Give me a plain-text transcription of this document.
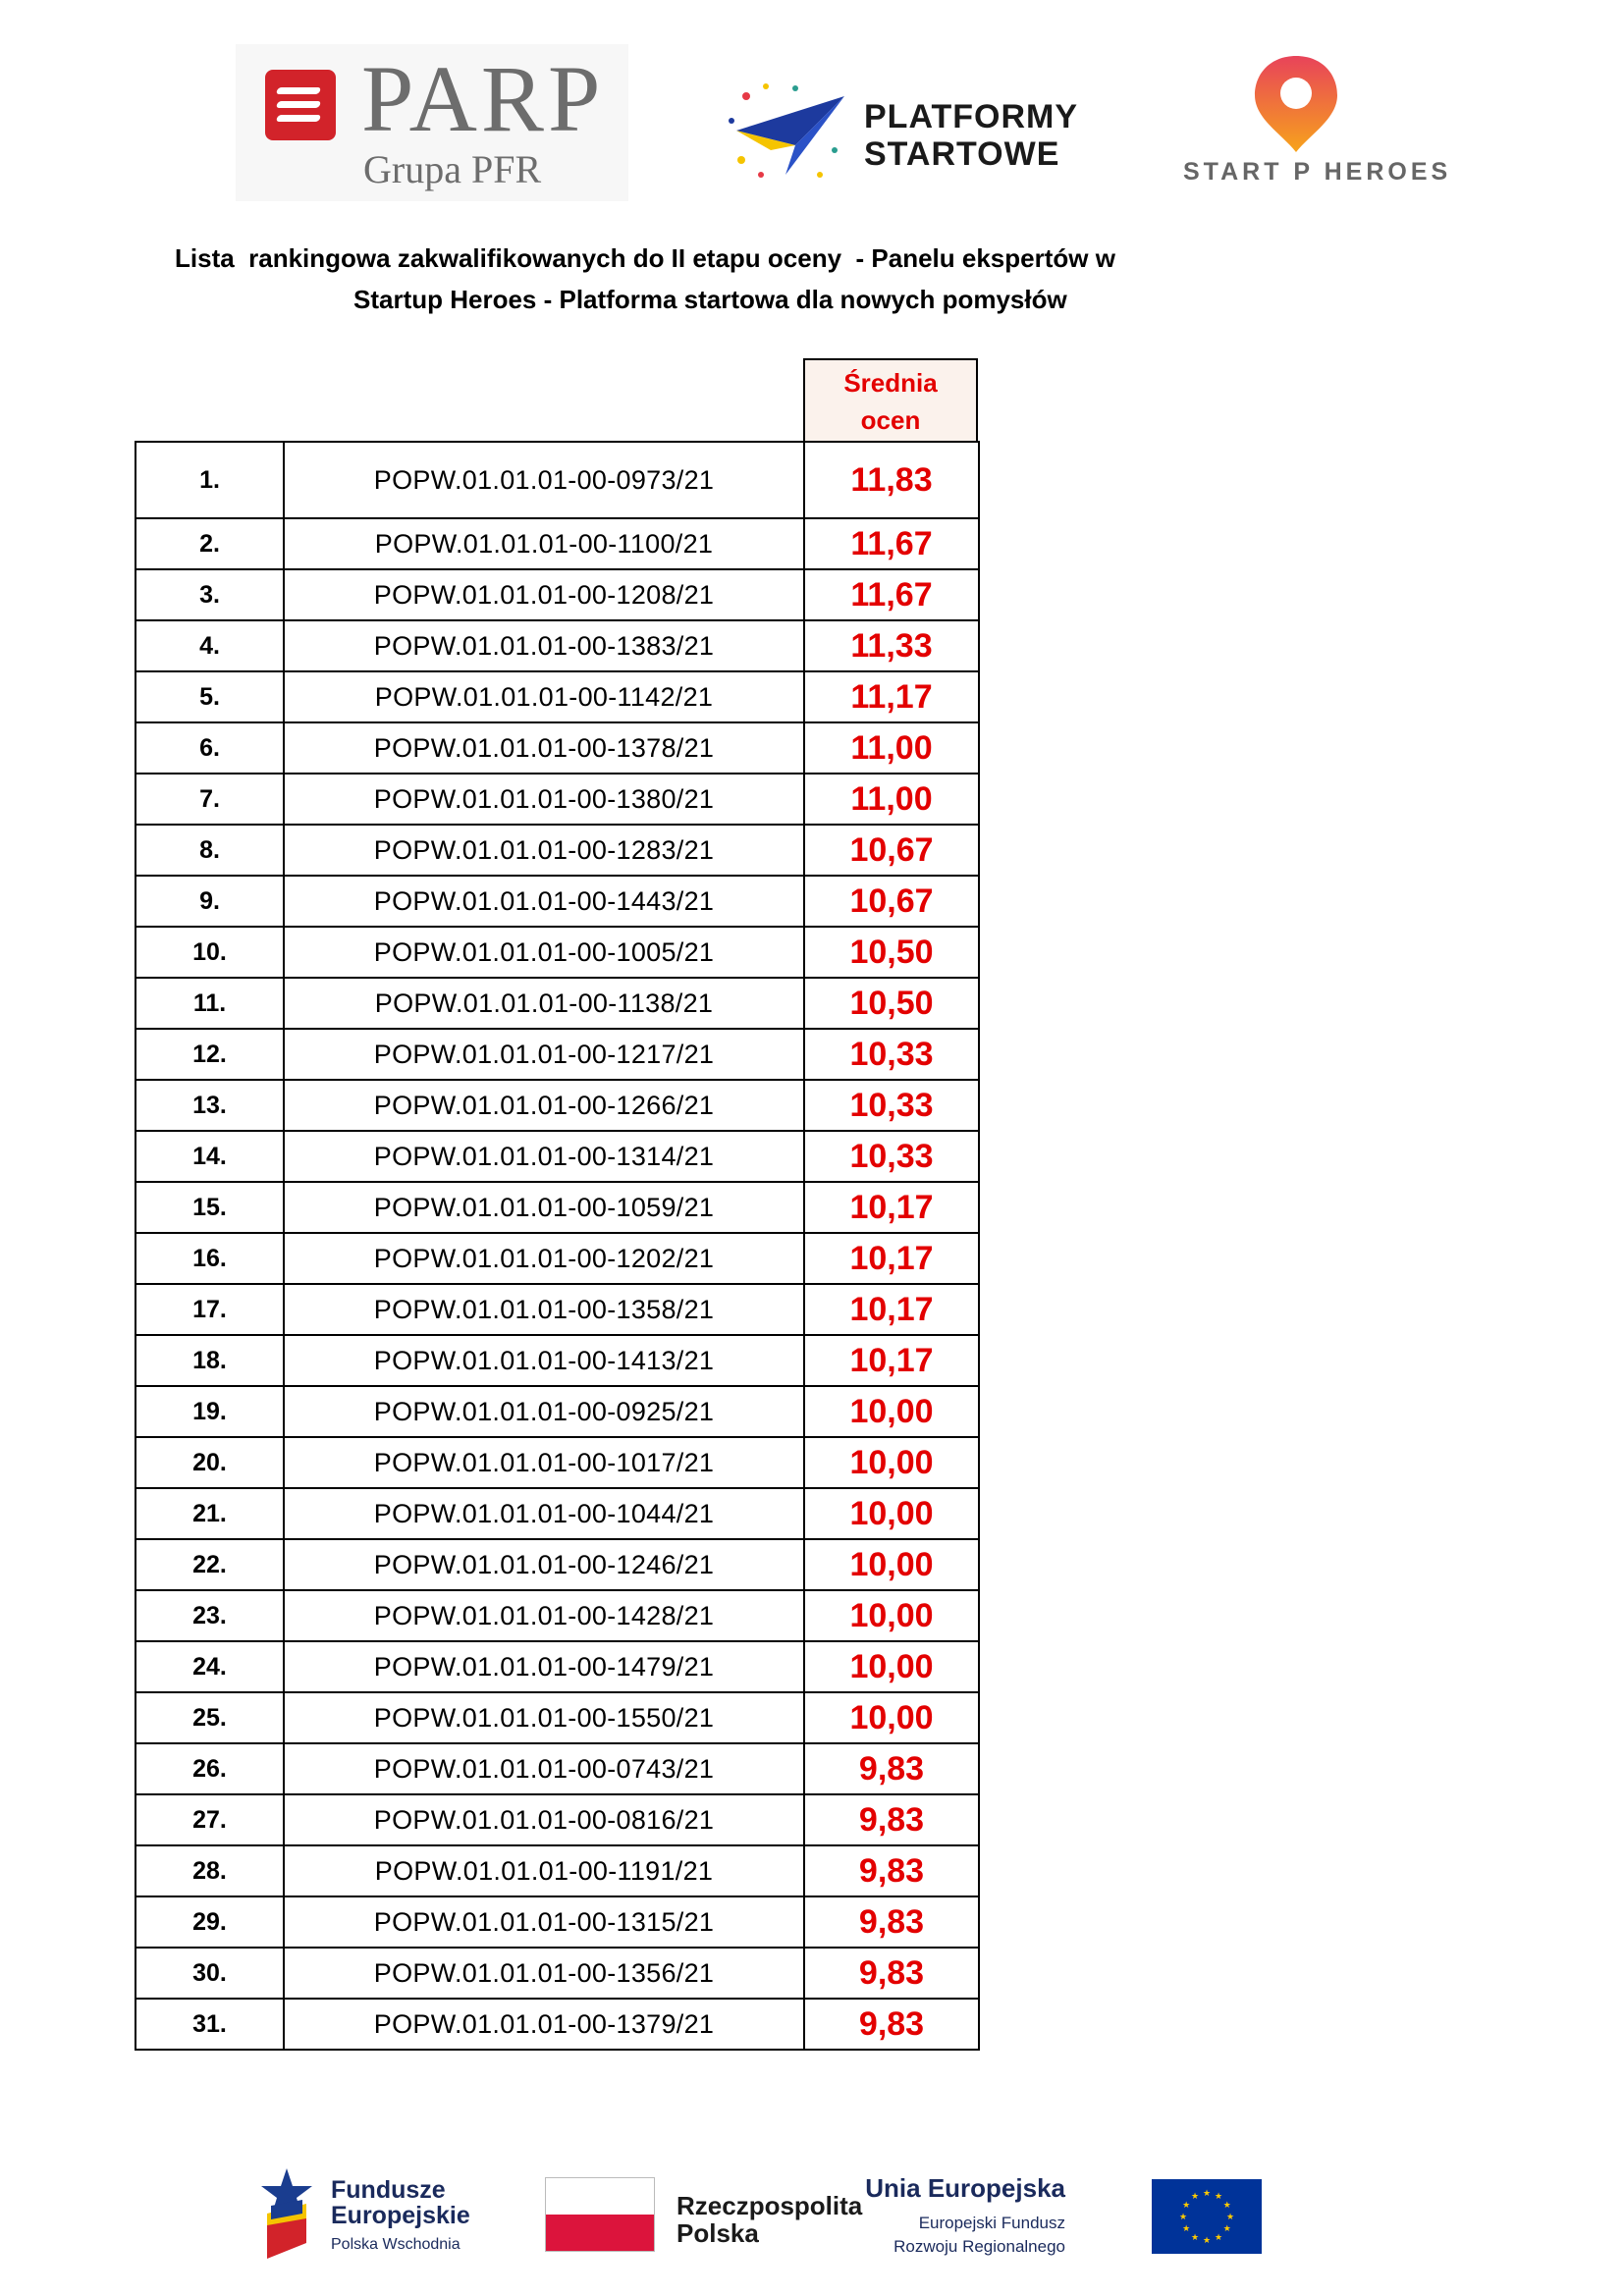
PARP
Grupa PFR
PLATFORMY
STARTOWE	START P HEROES
Lista  rankingowa zakwalifikowanych do II etapu oceny  - Panelu ekspertów w
Startup Heroes - Platforma startowa dla nowych pomysłów
Średnia
ocen
1.	POPW.01.01.01-00-0973/21	11,83
2.	POPW.01.01.01-00-1100/21	11,67
3.	POPW.01.01.01-00-1208/21	11,67
4.	POPW.01.01.01-00-1383/21	11,33
5.	POPW.01.01.01-00-1142/21	11,17
6.	POPW.01.01.01-00-1378/21	11,00
7.	POPW.01.01.01-00-1380/21	11,00
8.	POPW.01.01.01-00-1283/21	10,67
9.	POPW.01.01.01-00-1443/21	10,67
10.	POPW.01.01.01-00-1005/21	10,50
11.	POPW.01.01.01-00-1138/21	10,50
12.	POPW.01.01.01-00-1217/21	10,33
13.	POPW.01.01.01-00-1266/21	10,33
14.	POPW.01.01.01-00-1314/21	10,33
15.	POPW.01.01.01-00-1059/21	10,17
16.	POPW.01.01.01-00-1202/21	10,17
17.	POPW.01.01.01-00-1358/21	10,17
18.	POPW.01.01.01-00-1413/21	10,17
19.	POPW.01.01.01-00-0925/21	10,00
20.	POPW.01.01.01-00-1017/21	10,00
21.	POPW.01.01.01-00-1044/21	10,00
22.	POPW.01.01.01-00-1246/21	10,00
23.	POPW.01.01.01-00-1428/21	10,00
24.	POPW.01.01.01-00-1479/21	10,00
25.	POPW.01.01.01-00-1550/21	10,00
26.	POPW.01.01.01-00-0743/21	9,83
27.	POPW.01.01.01-00-0816/21	9,83
28.	POPW.01.01.01-00-1191/21	9,83
29.	POPW.01.01.01-00-1315/21	9,83
30.	POPW.01.01.01-00-1356/21	9,83
31.	POPW.01.01.01-00-1379/21	9,83
Fundusze
Europejskie
Polska Wschodnia
Rzeczpospolita
Polska
Unia Europejska
Europejski Fundusz
Rozwoju Regionalnego
★
★
★
★
★
★
★
★
★ ★ ★
★
